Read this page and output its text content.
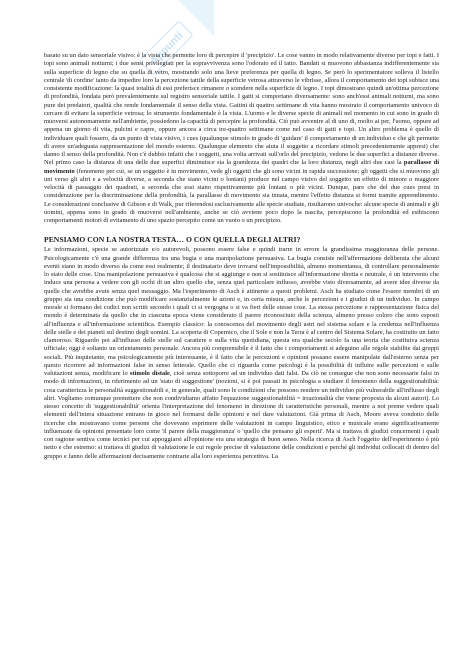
Appunti

basato su un dato sensoriale visivo: è la vista che permette loro di percepire il 'precipizio'. Le cose vanno in modo relativamente diverso per topi e fatti. I topi sono animali notturni; i due sensi privilegiati per la sopravvivenza sono l'odorato ed il tatto. Bandati si muovono abbastanza indifferentemente sia sulla superficie di legno che su quella di vetro, mostrando solo una lieve preferenza per quella di legno. Se però lo sperimentatore solleva il listello centrale 'di confine' tanto da impedire loro la percezione tattile della superficie vetrosa attraverso le vibrisse, allora il comportamento dei topi subisce una consistente modificazione: la quasi totalità di essi preferisce rimanere o scendere nella superficie di legno. I topi dimostrano quindi un'ottima percezione di profondità, fondata però prevalentemente sul registro sensoriale tattile. I gatti si comportano diversamente: sono anch'essi animali notturni, ma sono pure dei predatori, qualità che rende fondamentale il senso della vista. Gattini di quattro settimane di vita hanno mostrato il comportamento univoco di cercare di evitare la superficie vetrosa; lo strumento fondamentale è la vista. L'uomo e le diverse specie di animali nel momento in cui sono in grado di muoversi autonomamente nell'ambiente, possiedono la capacità di percepire la profondità. Ciò può avvenire al di uno di, molto ai per, l'uomo, oppure ad appena un giorno di vita, pulcini e capre, oppure ancora a circa tre-quattro settimane come nel caso di gatti e topi. Un altro problema è quello di individuare quali fossero, da un punto di vista visivo, i cues (qualunque stimolo in grado di 'guidare' il comportamento di un individuo e che gli permette di avere un'adeguata rappresentazione del mondo esterno. Qualunque elemento che aiuta il soggetto a ricordare stimoli precedentemente appresi) che danno il senso della profondità. Non c'è dubbio infatti che i soggetti, una volta arrivati sull'orlo del precipizio, vedono le due superfici a distanze diverse. Nel primo caso la distanza di una delle due superfici diminuisce sia la grandezza dei quadri che la loro distanza, negli altri due casi la parallasse di movimento (fenomeno per cui, se un soggetto è in movimento, vede gli oggetti che gli sono vicini in rapida successione; gli oggetti che si muovono gli uni verso gli altri e a velocità diverse, a seconda che siano vicini o lontani) produce nel campo visivo del soggetto un effetto di minore o maggiore velocità di passaggio dei quadrati, a seconda che essi siano rispettivamente più lontani o più vicini. Dunque, pare che del due cues presi in considerazione per la discriminazione della profondità, la parallasse di movimento sia innata, mentre l'effetto distanza si formi tramite apprendimento. Le considerazioni conclusive di Gibson e di Walk, pur riferendosi esclusivamente alle specie studiate, risultarono univoche: alcune specie di animali e gli uomini, appena sono in grado di muoversi nell'ambiente, anche se ciò avviene poco dopo la nascita, percepiscono la profondità ed esibiscono comportamenti motori di evitamento di uno spazio percepito come un vuoto o un precipizio.

PENSIAMO CON LA NOSTRA TESTA… O CON QUELLA DEGLI ALTRI?

Le informazioni, specie se autorizzate e/o autorevoli, possono essere false e quindi trarre in errore la grandissima maggioranza delle persone. Psicologicamente c'è una grande differenza tra una bugia e una manipolazione persuasiva. La bugia consiste nell'affermazione deliberata che alcuni eventi siano in modo diverso da come essi realmente; il destinatario deve trovarsi nell'impossibilità, almeno momentanea, di controllare personalmente lo stato delle cose. Una manipolazione persuasiva è qualcosa che si aggiunge e non si sostituisce all'informazione diretta e neutrale, è un intervento che induce una persona a vedere con gli occhi di un altro quello che, senza quel particolare influsso, avrebbe visto diversamente, ad avere idee diverse da quelle che avrebbe avute senza quel messaggio. Ma l'esperimento di Asch è attinente a questi problemi. Asch ha studiato come l'essere membri di un gruppo sia una condizione che può modificare sostanzialmente le azioni e, in certa misura, anche le percezioni e i giudizi di un individuo. In campo morale si formano dei codici non scritti secondo i quali ci si vergogna o si va fieri delle stesse cose. La stessa percezione e rappresentazione fisica del mondo è determinata da quello che in ciascuna epoca viene considerato il parere riconosciuto della scienza, almeno presso coloro che sono esposti all'influenza e all'informazione scientifica. Esempio classico: la conoscenza del movimento degli astri nel sistema solare e la credenza nell'influenza delle stelle e dei pianeti sul destino degli uomini. La scoperta di Copernico, che il Sole e non la Terra è al centro del Sistema Solare, ha costituito un fatto clamoroso. Riguardo poi all'influsso delle stelle sul carattere e sulla vita quotidiana, questa era qualche secolo fa una teoria che costituiva scienza ufficiale; oggi è soltanto un orientamento personale. Ancora più comprensibile è il fatto che i comportamenti si adeguino alle regole stabilite dai gruppi sociali. Più inquietante, ma psicologicamente più interessante, è il fatto che le percezioni e opinioni possano essere manipolate dall'esterno senza per questo ricorrere ad informazioni false in senso letterale. Quello che ci riguarda come psicologi è la possibilità di influire sulle percezioni e sulle valutazioni senza, modificare lo stimolo distale, cioè senza sottoporre ad un individuo dati falsi. Da ciò ne consegue che non sono necessarie falsi in modo di informazioni, in riferimento ad un 'stato di suggestione' (nozioni, si è poi passati in psicologia a studiare il fenomeno della suggestionabilità: cosa caratterizza le personalità suggestionabili e, in generale, quali sono le condizioni che possono rendere un individuo più vulnerabile all'influsso degli altri. Vogliamo comunque premettere che non condividiamo affatto l'equazione suggestionabilità = irrazionalità che viene proposta da alcuni autori). Lo stesso concetto di 'suggestionabilità' orienta l'interpretazione del fenomeno in direzione di caratteristiche personali, mentre a noi preme vedere quali elementi dell'intera situazione entrano in gioco nel formarsi delle opinioni e nel dare valutazioni. Già prima di Asch, Moore aveva condotto delle ricerche che mostravano come persone che dovevano esprimere delle valutazioni in campo linguistico, etico e musicale erano significativamente influenzate da opinioni presentate loro come 'il parere della maggioranza' o 'quello che pensano gli esperti'. Ma si trattava di giudizi concernenti i quali con ragione sentiva come tecnici per cui appoggiarsi all'opinione era una strategia di buon senso. Nella ricerca di Asch l'oggetto dell'esperimento è più netto e che estremo: si trattava di giudizi di valutazione le cui regole precise di valutazione delle condizioni e perché gli individui collocati di dentro del gruppo e fanno delle affermazioni decisamente contrarie alla loro esperienza percettiva. La
